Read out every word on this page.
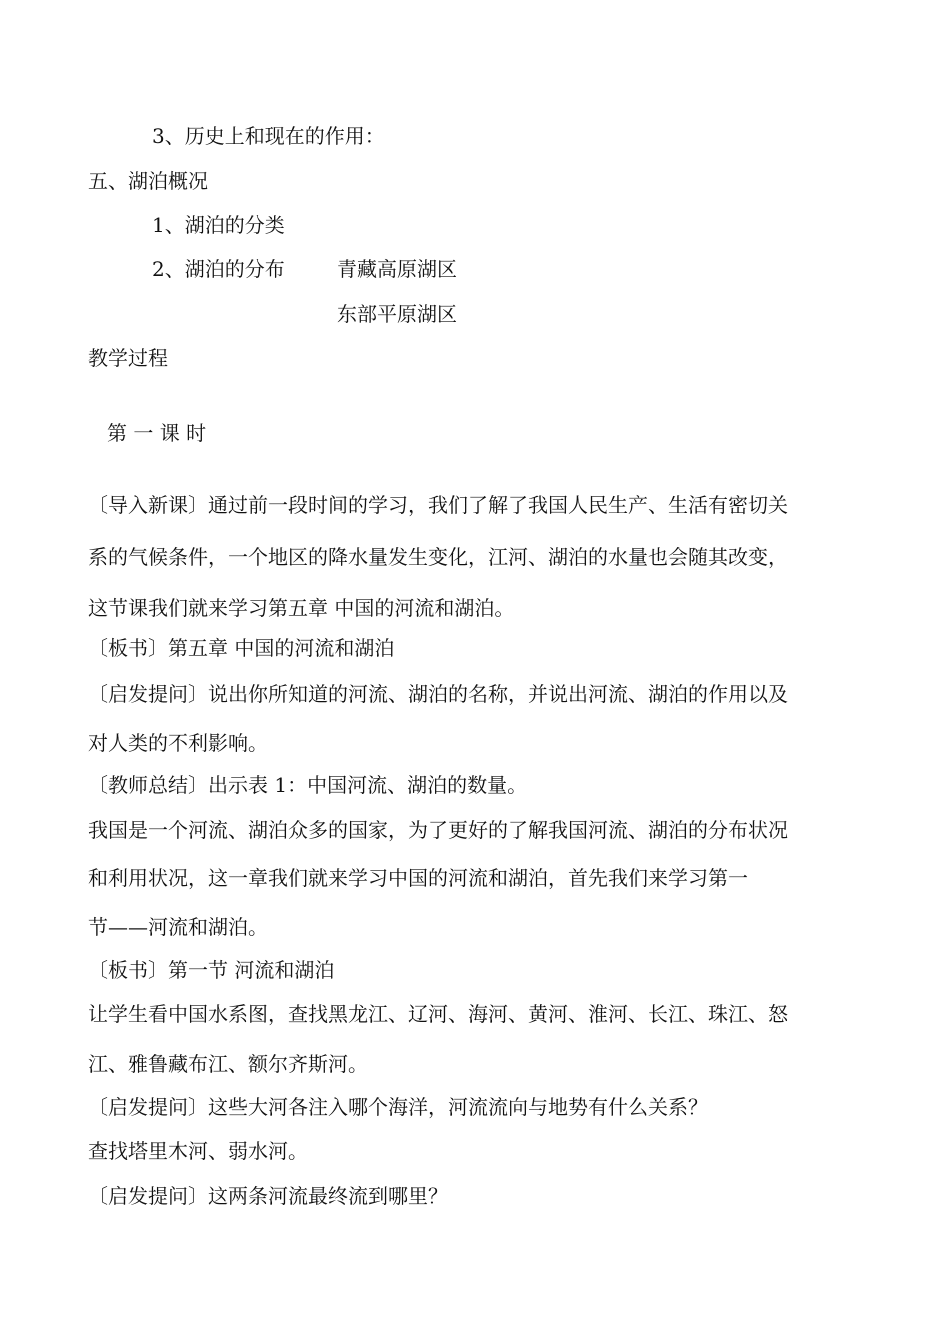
3、历史上和现在的作用：
五、湖泊概况
1、湖泊的分类
2、湖泊的分布	青藏高原湖区
东部平原湖区
教学过程
第 一 课 时
〔导入新课〕通过前一段时间的学习，我们了解了我国人民生产、生活有密切关
系的气候条件，一个地区的降水量发生变化，江河、湖泊的水量也会随其改变，
这节课我们就来学习第五章 中国的河流和湖泊。
〔板书〕第五章 中国的河流和湖泊
〔启发提问〕说出你所知道的河流、湖泊的名称，并说出河流、湖泊的作用以及
对人类的不利影响。
〔教师总结〕出示表 1：中国河流、湖泊的数量。
我国是一个河流、湖泊众多的国家，为了更好的了解我国河流、湖泊的分布状况
和利用状况，这一章我们就来学习中国的河流和湖泊，首先我们来学习第一
节——河流和湖泊。
〔板书〕第一节 河流和湖泊
让学生看中国水系图，查找黑龙江、辽河、海河、黄河、淮河、长江、珠江、怒
江、雅鲁藏布江、额尔齐斯河。
〔启发提问〕这些大河各注入哪个海洋，河流流向与地势有什么关系？
查找塔里木河、弱水河。
〔启发提问〕这两条河流最终流到哪里？
